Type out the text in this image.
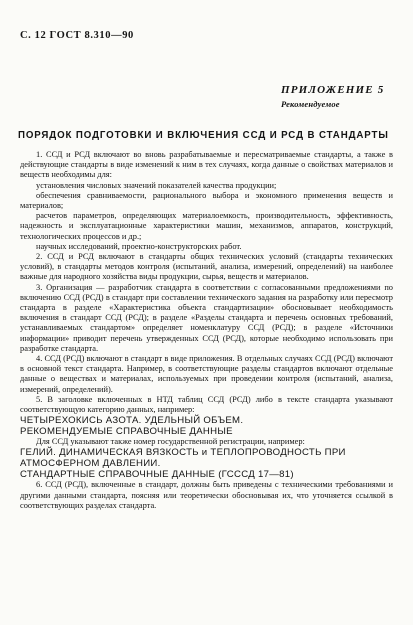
С. 12 ГОСТ 8.310—90
ПРИЛОЖЕНИЕ 5
Рекомендуемое
ПОРЯДОК ПОДГОТОВКИ И ВКЛЮЧЕНИЯ ССД И РСД В СТАНДАРТЫ

1. ССД и РСД включают во вновь разрабатываемые и пересматриваемые стандарты, а также в действующие стандарты в виде изменений к ним в тех случаях, когда данные о свойствах материалов и веществ необходимы для:

установления числовых значений показателей качества продукции;

обеспечения сравниваемости, рационального выбора и экономного применения веществ и материалов;

расчетов параметров, определяющих материалоемкость, производительность, эффективность, надежность и эксплуатационные характеристики машин, механизмов, аппаратов, конструкций, технологических процессов и др.;

научных исследований, проектно-конструкторских работ.

2. ССД и РСД включают в стандарты общих технических условий (стандарты технических условий), в стандарты методов контроля (испытаний, анализа, измерений, определений) на наиболее важные для народного хозяйства виды продукции, сырья, веществ и материалов.

3. Организация — разработчик стандарта в соответствии с согласованными предложениями по включению ССД (РСД) в стандарт при составлении технического задания на разработку или пересмотр стандарта в разделе «Характеристика объекта стандартизации» обосновывает необходимость включения в стандарт ССД (РСД); в разделе «Разделы стандарта и перечень основных требований, устанавливаемых стандартом» определяет номенклатуру ССД (РСД); в разделе «Источники информации» приводит перечень утвержденных ССД (РСД), которые необходимо использовать при разработке стандарта.

4. ССД (РСД) включают в стандарт в виде приложения. В отдельных случаях ССД (РСД) включают в основной текст стандарта. Например, в соответствующие разделы стандартов включают отдельные данные о веществах и материалах, используемых при проведении контроля (испытаний, анализа, измерений, определений).

5. В заголовке включенных в НТД таблиц ССД (РСД) либо в тексте стандарта указывают соответствующую категорию данных, например:

ЧЕТЫРЕХОКИСЬ АЗОТА. УДЕЛЬНЫЙ ОБЪЕМ.
РЕКОМЕНДУЕМЫЕ СПРАВОЧНЫЕ ДАННЫЕ

Для ССД указывают также номер государственной регистрации, например:

ГЕЛИЙ. ДИНАМИЧЕСКАЯ ВЯЗКОСТЬ и ТЕПЛОПРОВОДНОСТЬ ПРИ АТМОСФЕРНОМ ДАВЛЕНИИ.
СТАНДАРТНЫЕ СПРАВОЧНЫЕ ДАННЫЕ (ГСССД 17—81)

6. ССД (РСД), включенные в стандарт, должны быть приведены с техническими требованиями и другими данными стандарта, поясняя или теоретически обосновывая их, что уточняется ссылкой в соответствующих разделах стандарта.
